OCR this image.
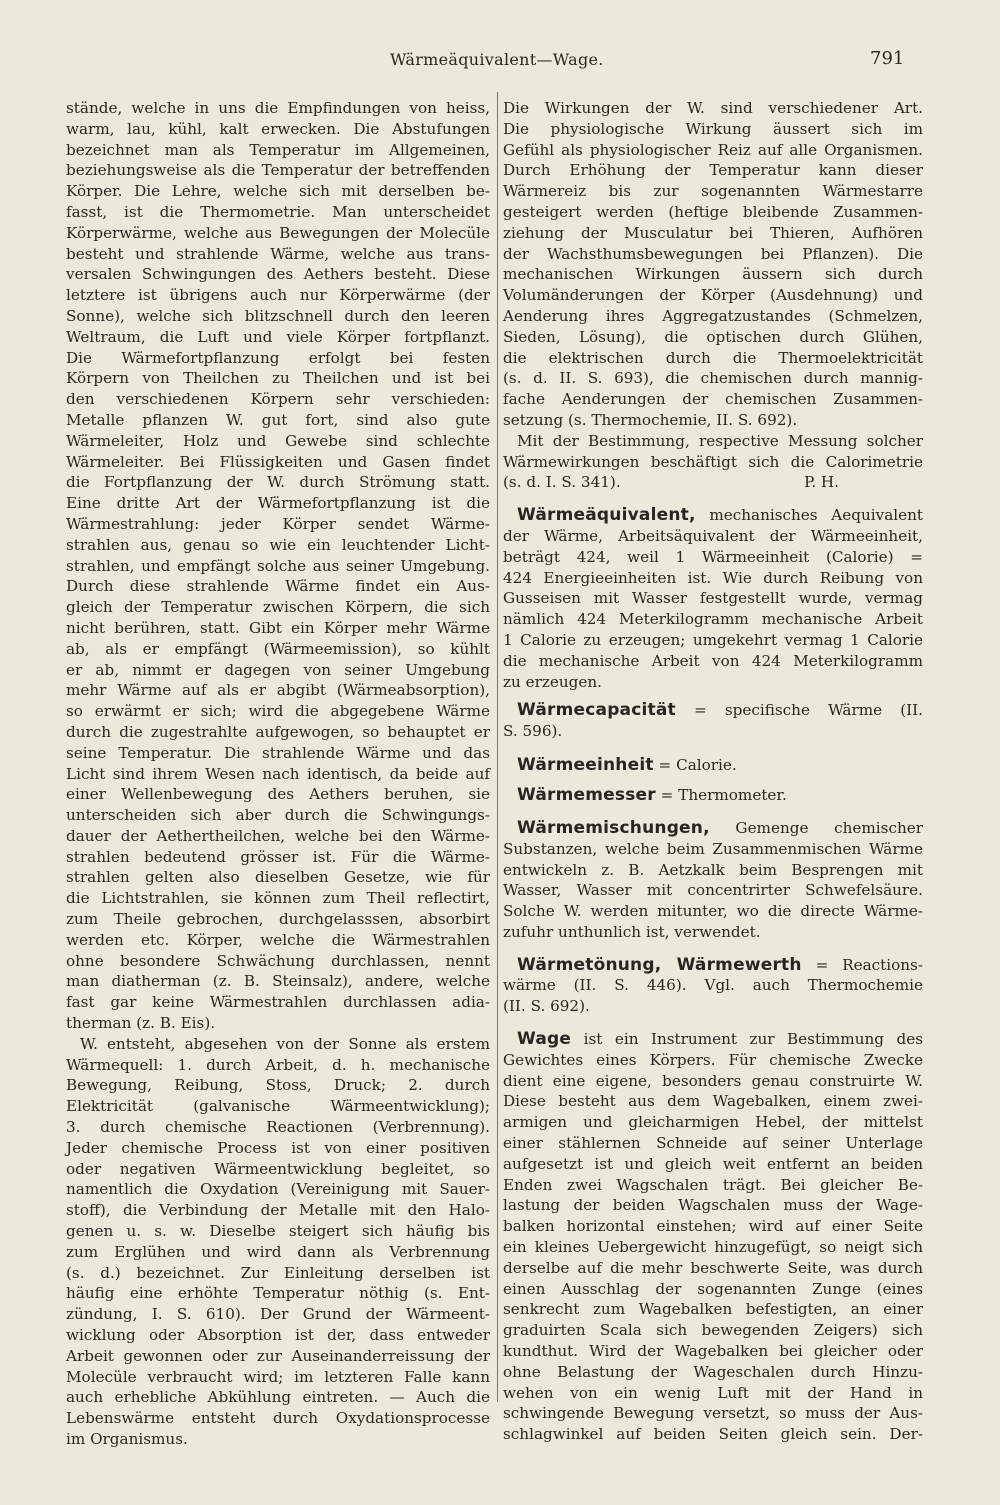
Wärmeäquivalent—Wage.	791
stände, welche in uns die Empfindungen von heiss,
warm, lau, kühl, kalt erwecken. Die Abstufungen
bezeichnet man als Temperatur im Allgemeinen,
beziehungsweise als die Temperatur der betreffenden
Körper. Die Lehre, welche sich mit derselben be-
fasst, ist die Thermometrie. Man unterscheidet
Körperwärme, welche aus Bewegungen der Molecüle
besteht und strahlende Wärme, welche aus trans-
versalen Schwingungen des Aethers besteht. Diese
letztere ist übrigens auch nur Körperwärme (der
Sonne), welche sich blitzschnell durch den leeren
Weltraum, die Luft und viele Körper fortpflanzt.
Die Wärmefortpflanzung erfolgt bei festen
Körpern von Theilchen zu Theilchen und ist bei
den verschiedenen Körpern sehr verschieden:
Metalle pflanzen W. gut fort, sind also gute
Wärmeleiter, Holz und Gewebe sind schlechte
Wärmeleiter. Bei Flüssigkeiten und Gasen findet
die Fortpflanzung der W. durch Strömung statt.
Eine dritte Art der Wärmefortpflanzung ist die
Wärmestrahlung: jeder Körper sendet Wärme-
strahlen aus, genau so wie ein leuchtender Licht-
strahlen, und empfängt solche aus seiner Umgebung.
Durch diese strahlende Wärme findet ein Aus-
gleich der Temperatur zwischen Körpern, die sich
nicht berühren, statt. Gibt ein Körper mehr Wärme
ab, als er empfängt (Wärmeemission), so kühlt
er ab, nimmt er dagegen von seiner Umgebung
mehr Wärme auf als er abgibt (Wärmeabsorption),
so erwärmt er sich; wird die abgegebene Wärme
durch die zugestrahlte aufgewogen, so behauptet er
seine Temperatur. Die strahlende Wärme und das
Licht sind ihrem Wesen nach identisch, da beide auf
einer Wellenbewegung des Aethers beruhen, sie
unterscheiden sich aber durch die Schwingungs-
dauer der Aethertheilchen, welche bei den Wärme-
strahlen bedeutend grösser ist. Für die Wärme-
strahlen gelten also dieselben Gesetze, wie für
die Lichtstrahlen, sie können zum Theil reflectirt,
zum Theile gebrochen, durchgelasssen, absorbirt
werden etc. Körper, welche die Wärmestrahlen
ohne besondere Schwächung durchlassen, nennt
man diatherman (z. B. Steinsalz), andere, welche
fast gar keine Wärmestrahlen durchlassen adia-
therman (z. B. Eis).
W. entsteht, abgesehen von der Sonne als erstem
Wärmequell: 1. durch Arbeit, d. h. mechanische
Bewegung, Reibung, Stoss, Druck; 2. durch
Elektricität (galvanische Wärmeentwicklung);
3. durch chemische Reactionen (Verbrennung).
Jeder chemische Process ist von einer positiven
oder negativen Wärmeentwicklung begleitet, so
namentlich die Oxydation (Vereinigung mit Sauer-
stoff), die Verbindung der Metalle mit den Halo-
genen u. s. w. Dieselbe steigert sich häufig bis
zum Erglühen und wird dann als Verbrennung
(s. d.) bezeichnet. Zur Einleitung derselben ist
häufig eine erhöhte Temperatur nöthig (s. Ent-
zündung, I. S. 610). Der Grund der Wärmeent-
wicklung oder Absorption ist der, dass entweder
Arbeit gewonnen oder zur Auseinanderreissung der
Molecüle verbraucht wird; im letzteren Falle kann
auch erhebliche Abkühlung eintreten. — Auch die
Lebenswärme entsteht durch Oxydationsprocesse
im Organismus.
Die Wirkungen der W. sind verschiedener Art.
Die physiologische Wirkung äussert sich im
Gefühl als physiologischer Reiz auf alle Organismen.
Durch Erhöhung der Temperatur kann dieser
Wärmereiz bis zur sogenannten Wärmestarre
gesteigert werden (heftige bleibende Zusammen-
ziehung der Musculatur bei Thieren, Aufhören
der Wachsthumsbewegungen bei Pflanzen). Die
mechanischen Wirkungen äussern sich durch
Volumänderungen der Körper (Ausdehnung) und
Aenderung ihres Aggregatzustandes (Schmelzen,
Sieden, Lösung), die optischen durch Glühen,
die elektrischen durch die Thermoelektricität
(s. d. II. S. 693), die chemischen durch mannig-
fache Aenderungen der chemischen Zusammen-
setzung (s. Thermochemie, II. S. 692).
Mit der Bestimmung, respective Messung solcher
Wärmewirkungen beschäftigt sich die Calorimetrie
(s. d. I. S. 341).                                      P. H.
Wärmeäquivalent, mechanisches Aequivalent
der Wärme, Arbeitsäquivalent der Wärmeeinheit,
beträgt 424, weil 1 Wärmeeinheit (Calorie) =
424 Energieeinheiten ist. Wie durch Reibung von
Gusseisen mit Wasser festgestellt wurde, vermag
nämlich 424 Meterkilogramm mechanische Arbeit
1 Calorie zu erzeugen; umgekehrt vermag 1 Calorie
die mechanische Arbeit von 424 Meterkilogramm
zu erzeugen.
Wärmecapacität = specifische Wärme (II.
S. 596).
Wärmeeinheit = Calorie.
Wärmemesser = Thermometer.
Wärmemischungen, Gemenge chemischer
Substanzen, welche beim Zusammenmischen Wärme
entwickeln z. B. Aetzkalk beim Besprengen mit
Wasser, Wasser mit concentrirter Schwefelsäure.
Solche W. werden mitunter, wo die directe Wärme-
zufuhr unthunlich ist, verwendet.
Wärmetönung, Wärmewerth = Reactions-
wärme (II. S. 446). Vgl. auch Thermochemie
(II. S. 692).
Wage ist ein Instrument zur Bestimmung des
Gewichtes eines Körpers. Für chemische Zwecke
dient eine eigene, besonders genau construirte W.
Diese besteht aus dem Wagebalken, einem zwei-
armigen und gleicharmigen Hebel, der mittelst
einer stählernen Schneide auf seiner Unterlage
aufgesetzt ist und gleich weit entfernt an beiden
Enden zwei Wagschalen trägt. Bei gleicher Be-
lastung der beiden Wagschalen muss der Wage-
balken horizontal einstehen; wird auf einer Seite
ein kleines Uebergewicht hinzugefügt, so neigt sich
derselbe auf die mehr beschwerte Seite, was durch
einen Ausschlag der sogenannten Zunge (eines
senkrecht zum Wagebalken befestigten, an einer
graduirten Scala sich bewegenden Zeigers) sich
kundthut. Wird der Wagebalken bei gleicher oder
ohne Belastung der Wageschalen durch Hinzu-
wehen von ein wenig Luft mit der Hand in
schwingende Bewegung versetzt, so muss der Aus-
schlagwinkel auf beiden Seiten gleich sein. Der-
